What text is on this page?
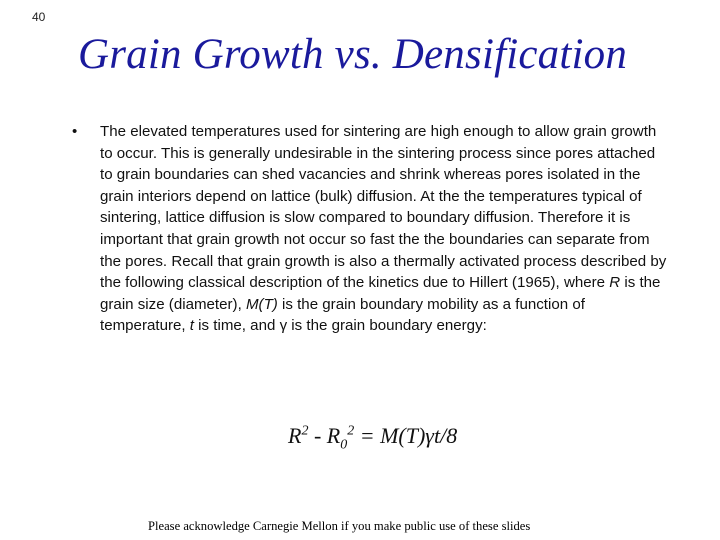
40
Grain Growth vs. Densification
• The elevated temperatures used for sintering are high enough to allow grain growth to occur. This is generally undesirable in the sintering process since pores attached to grain boundaries can shed vacancies and shrink whereas pores isolated in the grain interiors depend on lattice (bulk) diffusion. At the the temperatures typical of sintering, lattice diffusion is slow compared to boundary diffusion. Therefore it is important that grain growth not occur so fast the the boundaries can separate from the pores. Recall that grain growth is also a thermally activated process described by the following classical description of the kinetics due to Hillert (1965), where R is the grain size (diameter), M(T) is the grain boundary mobility as a function of temperature, t is time, and γ is the grain boundary energy:
$R^2 - R_0^2 = M(T)\gamma t/8$
Please acknowledge Carnegie Mellon if you make public use of these slides
